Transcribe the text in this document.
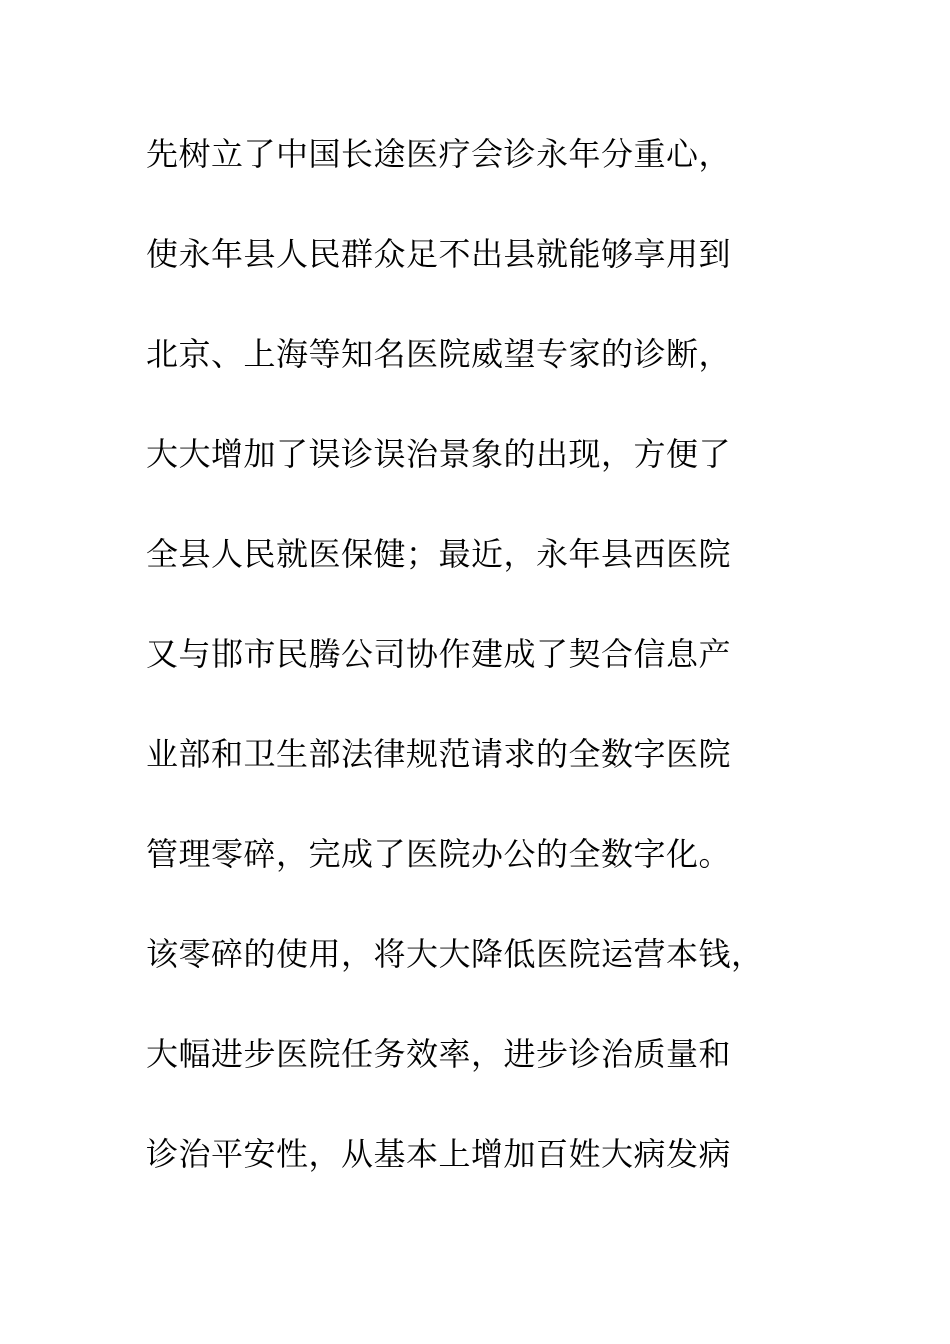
先树立了中国长途医疗会诊永年分重心，
使永年县人民群众足不出县就能够享用到
北京、上海等知名医院威望专家的诊断，
大大增加了误诊误治景象的出现，方便了
全县人民就医保健；最近，永年县西医院
又与邯市民腾公司协作建成了契合信息产
业部和卫生部法律规范请求的全数字医院
管理零碎，完成了医院办公的全数字化。
该零碎的使用，将大大降低医院运营本钱，
大幅进步医院任务效率，进步诊治质量和
诊治平安性，从基本上增加百姓大病发病
